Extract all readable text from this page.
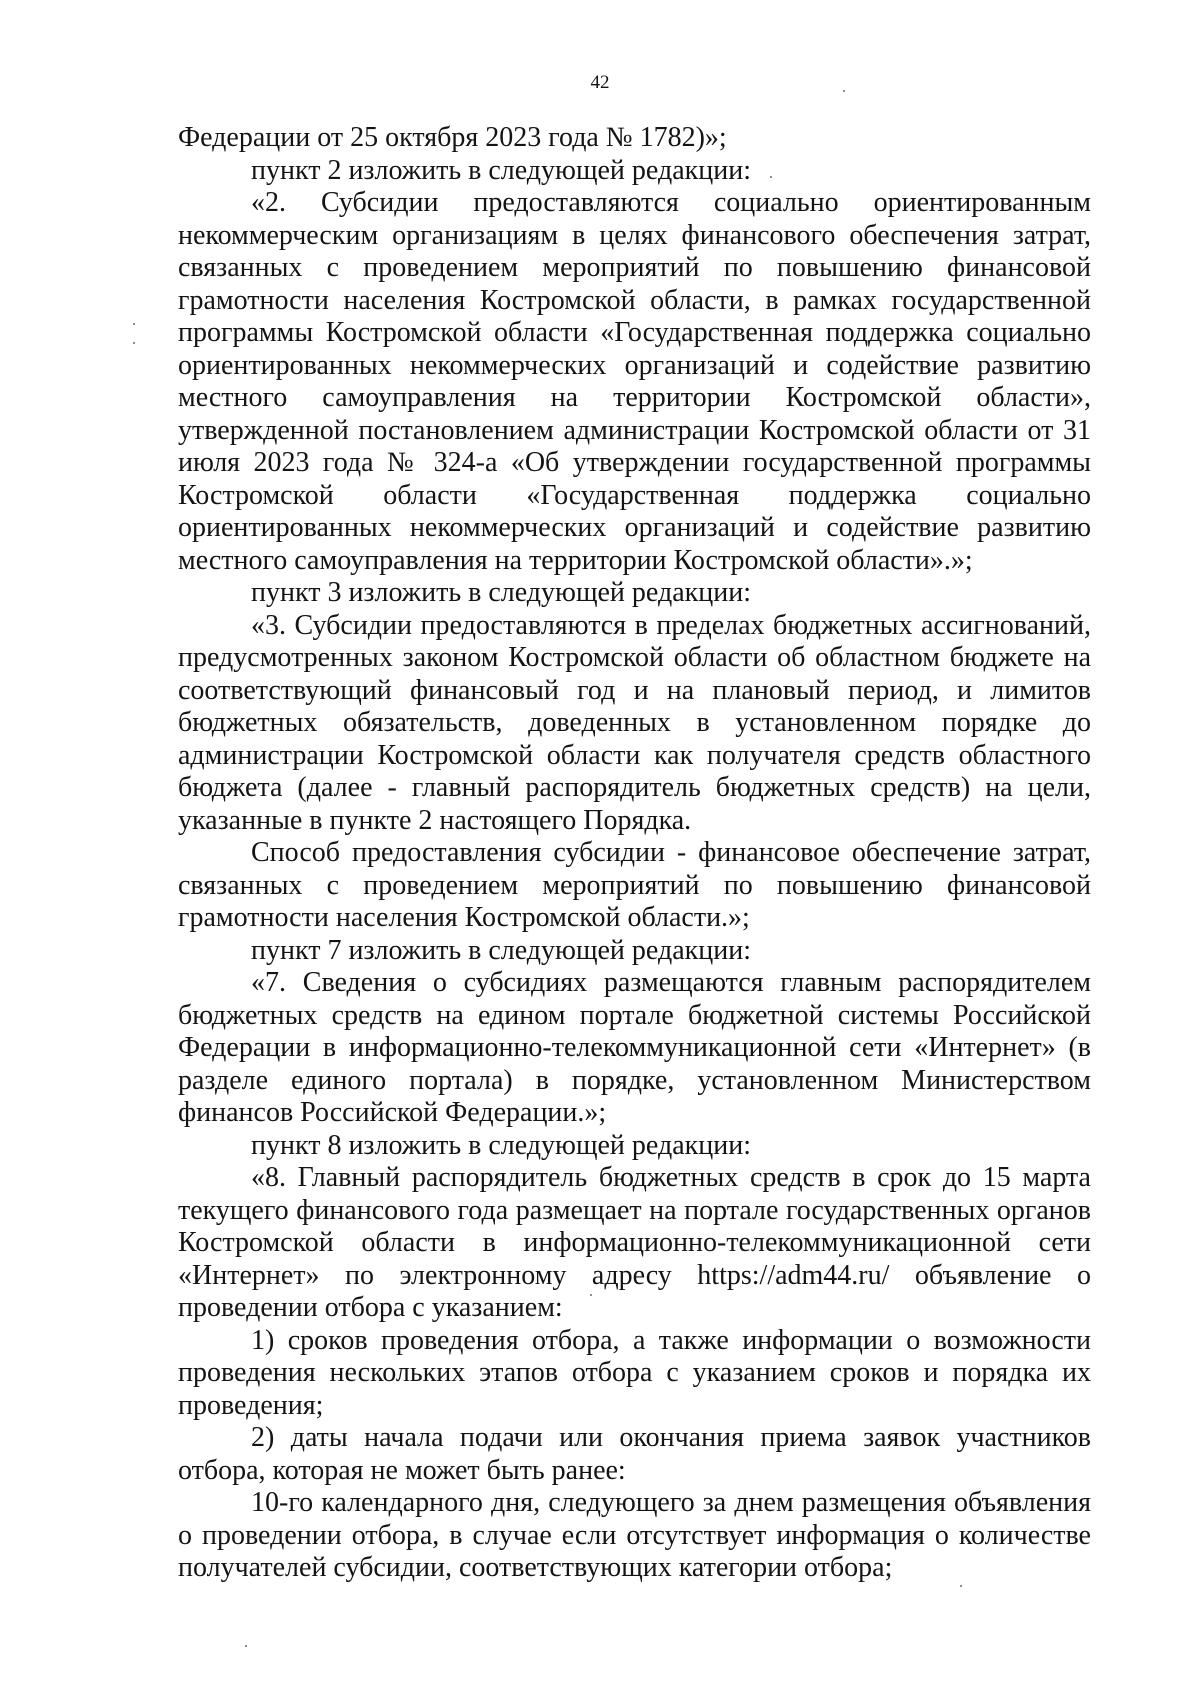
42

Федерации от 25 октября 2023 года № 1782)»;

пункт 2 изложить в следующей редакции:

«2. Субсидии предоставляются социально ориентированным некоммерческим организациям в целях финансового обеспечения затрат, связанных с проведением мероприятий по повышению финансовой грамотности населения Костромской области, в рамках государственной программы Костромской области «Государственная поддержка социально ориентированных некоммерческих организаций и содействие развитию местного самоуправления на территории Костромской области», утвержденной постановлением администрации Костромской области от 31 июля 2023 года № 324-а «Об утверждении государственной программы Костромской области «Государственная поддержка социально ориентированных некоммерческих организаций и содействие развитию местного самоуправления на территории Костромской области».»;

пункт 3 изложить в следующей редакции:

«3. Субсидии предоставляются в пределах бюджетных ассигнований, предусмотренных законом Костромской области об областном бюджете на соответствующий финансовый год и на плановый период, и лимитов бюджетных обязательств, доведенных в установленном порядке до администрации Костромской области как получателя средств областного бюджета (далее - главный распорядитель бюджетных средств) на цели, указанные в пункте 2 настоящего Порядка.

Способ предоставления субсидии - финансовое обеспечение затрат, связанных с проведением мероприятий по повышению финансовой грамотности населения Костромской области.»;

пункт 7 изложить в следующей редакции:

«7. Сведения о субсидиях размещаются главным распорядителем бюджетных средств на едином портале бюджетной системы Российской Федерации в информационно-телекоммуникационной сети «Интернет» (в разделе единого портала) в порядке, установленном Министерством финансов Российской Федерации.»;

пункт 8 изложить в следующей редакции:

«8. Главный распорядитель бюджетных средств в срок до 15 марта текущего финансового года размещает на портале государственных органов Костромской области в информационно-телекоммуникационной сети «Интернет» по электронному адресу https://adm44.ru/ объявление о проведении отбора с указанием:

1) сроков проведения отбора, а также информации о возможности проведения нескольких этапов отбора с указанием сроков и порядка их проведения;

2) даты начала подачи или окончания приема заявок участников отбора, которая не может быть ранее:

10-го календарного дня, следующего за днем размещения объявления о проведении отбора, в случае если отсутствует информация о количестве получателей субсидии, соответствующих категории отбора;
